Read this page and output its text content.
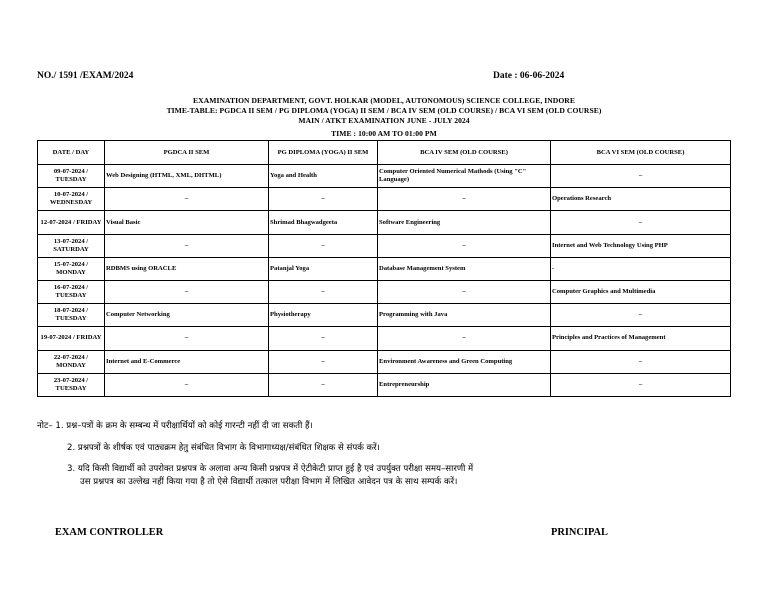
NO./ 1591 /EXAM/2024	Date : 06-06-2024
EXAMINATION DEPARTMENT, GOVT. HOLKAR (MODEL, AUTONOMOUS) SCIENCE COLLEGE, INDORE
TIME-TABLE: PGDCA II SEM / PG DIPLOMA (YOGA) II SEM / BCA IV SEM (OLD COURSE) / BCA VI SEM (OLD COURSE)
MAIN / ATKT EXAMINATION JUNE - JULY 2024
TIME : 10:00 AM TO 01:00 PM
DATE / DAY	PGDCA II SEM	PG DIPLOMA (YOGA) II SEM	BCA IV SEM (OLD COURSE)	BCA VI SEM (OLD COURSE)
09-07-2024 / TUESDAY	Web Designing (HTML, XML, DHTML)	Yoga and Health	Computer Oriented Numerical Mathods (Using "C" Language)	–
10-07-2024 / WEDNESDAY	–	–	–	Operations Research
12-07-2024 / FRIDAY	Visual Basic	Shrimad Bhagwadgeeta	Software Engineering	–
13-07-2024 / SATURDAY	–	–	–	Internet and Web Technology Using PHP
15-07-2024 / MONDAY	RDBMS using ORACLE	Patanjal Yoga	Database Management System	-
16-07-2024 / TUESDAY	–	–	–	Computer Graphics and Multimedia
18-07-2024 / TUESDAY	Computer Networking	Physiotherapy	Programming with Java	–
19-07-2024 / FRIDAY	–	–	–	Principles and Practices of Management
22-07-2024 / MONDAY	Internet and E-Commerce	–	Environment Awareness and Green Computing	–
23-07-2024 / TUESDAY	–	–	Entrepreneurship	–
नोट– 1. प्रश्न–पत्रों के क्रम के सम्बन्ध में परीक्षार्थियों को कोई गारन्टी नहीं दी जा सकती हैं।
2. प्रश्नपत्रों के शीर्षक एवं पाठ्यक्रम हेतु संबंधित विभाग के विभागाध्यक्ष/संबंधित शिक्षक से संपर्क करें।
3. यदि किसी विद्यार्थी को उपरोक्त प्रश्नपत्र के अलावा अन्य किसी प्रश्नपत्र में ऐटीकेटी प्राप्त हुई है एवं उपर्युक्त परीक्षा समय–सारणी में
उस प्रश्नपत्र का उल्लेख नहीं किया गया है तो ऐसे विद्यार्थी तत्काल परीक्षा विभाग में लिखित आवेदन पत्र के साथ सम्पर्क करें।
EXAM CONTROLLER	PRINCIPAL
